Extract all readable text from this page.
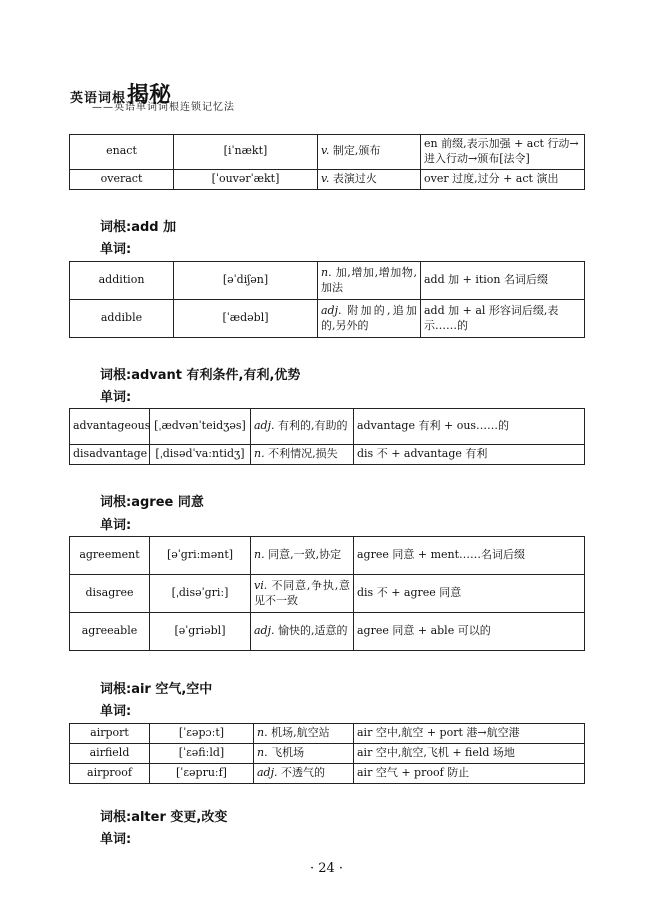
英语词根揭秘
——英语单词词根连锁记忆法
enact	[iˈnækt]	v. 制定,颁布	en 前缀,表示加强 + act 行动→进入行动→颁布[法令]
overact	[ˈouvərˈækt]	v. 表演过火	over 过度,过分 + act 演出
词根:add 加
单词:
addition	[əˈdiʃən]	n. 加,增加,增加物,加法	add 加 + ition 名词后缀
addible	[ˈædəbl]	adj. 附加的,追加的,另外的	add 加 + al 形容词后缀,表示……的
词根:advant 有利条件,有利,优势
单词:
advantageous	[ˌædvənˈteidʒəs]	adj. 有利的,有助的	advantage 有利 + ous……的
disadvantage	[ˌdisədˈvaːntidʒ]	n. 不利情况,损失	dis 不 + advantage 有利
词根:agree 同意
单词:
agreement	[əˈgriːmənt]	n. 同意,一致,协定	agree 同意 + ment……名词后缀
disagree	[ˌdisəˈgriː]	vi. 不同意,争执,意见不一致	dis 不 + agree 同意
agreeable	[əˈgriəbl]	adj. 愉快的,适意的	agree 同意 + able 可以的
词根:air 空气,空中
单词:
airport	[ˈɛəpɔːt]	n. 机场,航空站	air 空中,航空 + port 港→航空港
airfield	[ˈɛəfiːld]	n. 飞机场	air 空中,航空,飞机 + field 场地
airproof	[ˈɛəpruːf]	adj. 不透气的	air 空气 + proof 防止
词根:alter 变更,改变
单词:
· 24 ·
